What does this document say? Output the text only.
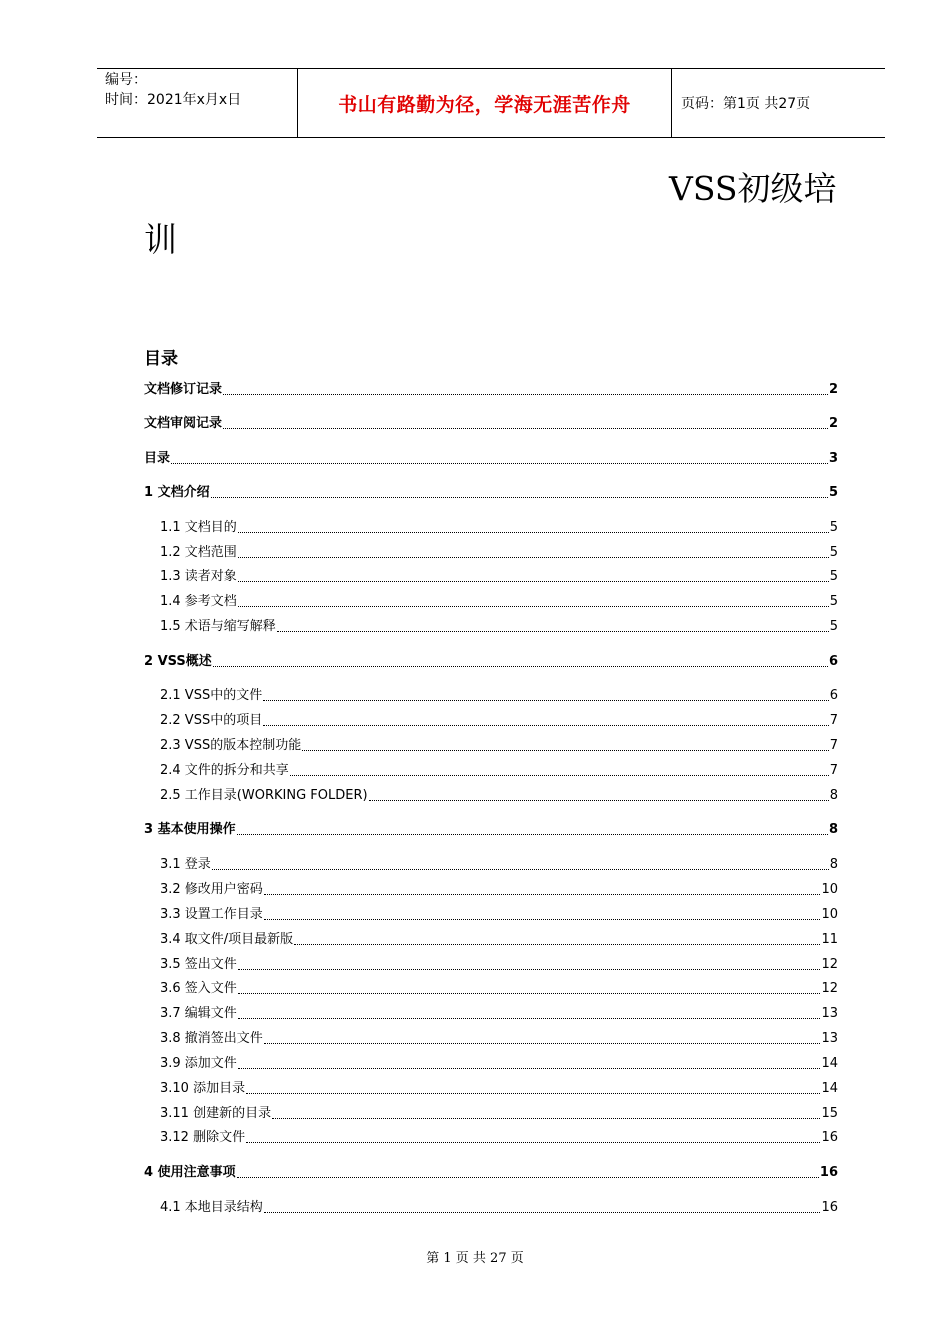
编号：
时间：2021年x月x日	书山有路勤为径，学海无涯苦作舟	页码：第1页 共27页
VSS初级培
训
目录
文档修订记录	2
文档审阅记录	2
目录	3
1 文档介绍	5
1.1 文档目的	5
1.2 文档范围	5
1.3 读者对象	5
1.4 参考文档	5
1.5 术语与缩写解释	5
2 VSS概述	6
2.1 VSS中的文件	6
2.2 VSS中的项目	7
2.3 VSS的版本控制功能	7
2.4 文件的拆分和共享	7
2.5 工作目录(WORKING FOLDER)	8
3 基本使用操作	8
3.1 登录	8
3.2 修改用户密码	10
3.3 设置工作目录	10
3.4 取文件/项目最新版	11
3.5 签出文件	12
3.6 签入文件	12
3.7 编辑文件	13
3.8 撤消签出文件	13
3.9 添加文件	14
3.10 添加目录	14
3.11 创建新的目录	15
3.12 删除文件	16
4 使用注意事项	16
4.1 本地目录结构	16
第 1 页 共 27 页
